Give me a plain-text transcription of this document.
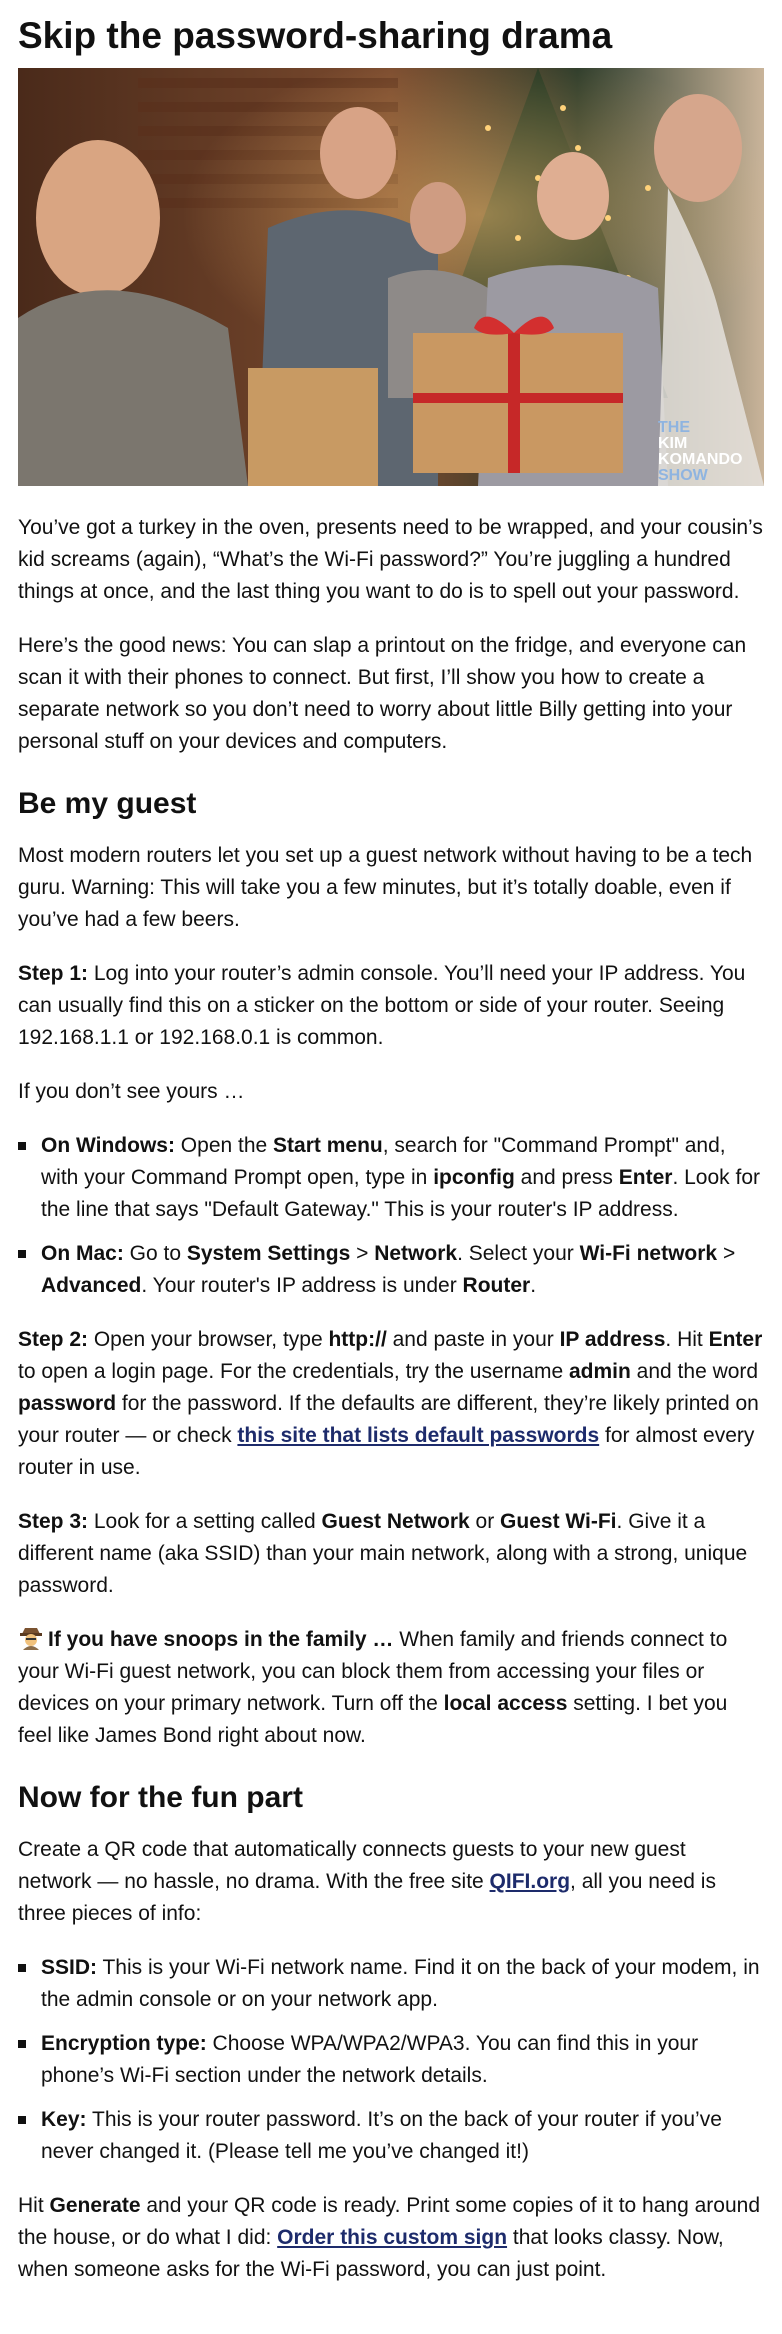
Skip the password-sharing drama
THE
KIM
KOMANDO
SHOW

You’ve got a turkey in the oven, presents need to be wrapped, and your cousin’s kid screams (again), “What’s the Wi-Fi password?” You’re juggling a hundred things at once, and the last thing you want to do is to spell out your password.

Here’s the good news: You can slap a printout on the fridge, and everyone can scan it with their phones to connect. But first, I’ll show you how to create a separate network so you don’t need to worry about little Billy getting into your personal stuff on your devices and computers.

Be my guest

Most modern routers let you set up a guest network without having to be a tech guru. Warning: This will take you a few minutes, but it’s totally doable, even if you’ve had a few beers.

Step 1: Log into your router’s admin console. You’ll need your IP address. You can usually find this on a sticker on the bottom or side of your router. Seeing 192.168.1.1 or 192.168.0.1 is common.

If you don’t see yours …

On Windows: Open the Start menu, search for "Command Prompt" and, with your Command Prompt open, type in ipconfig and press Enter. Look for the line that says "Default Gateway." This is your router's IP address.
On Mac: Go to System Settings > Network. Select your Wi-Fi network > Advanced. Your router's IP address is under Router.

Step 2: Open your browser, type http:// and paste in your IP address. Hit Enter to open a login page. For the credentials, try the username admin and the word password for the password. If the defaults are different, they’re likely printed on your router — or check this site that lists default passwords for almost every router in use.

Step 3: Look for a setting called Guest Network or Guest Wi-Fi. Give it a different name (aka SSID) than your main network, along with a strong, unique password.

If you have snoops in the family … When family and friends connect to your Wi-Fi guest network, you can block them from accessing your files or devices on your primary network. Turn off the local access setting. I bet you feel like James Bond right about now.

Now for the fun part

Create a QR code that automatically connects guests to your new guest network — no hassle, no drama. With the free site QIFI.org, all you need is three pieces of info:

SSID: This is your Wi-Fi network name. Find it on the back of your modem, in the admin console or on your network app.
Encryption type: Choose WPA/WPA2/WPA3. You can find this in your phone’s Wi-Fi section under the network details.
Key: This is your router password. It’s on the back of your router if you’ve never changed it. (Please tell me you’ve changed it!)

Hit Generate and your QR code is ready. Print some copies of it to hang around the house, or do what I did: Order this custom sign that looks classy. Now, when someone asks for the Wi-Fi password, you can just point.
